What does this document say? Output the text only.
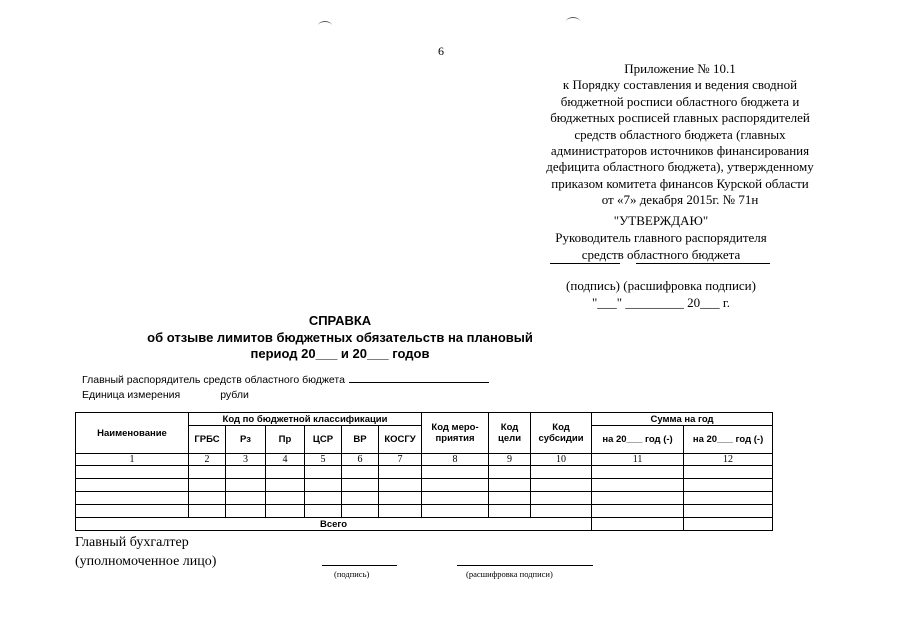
6
Приложение № 10.1
к Порядку составления и ведения сводной
бюджетной росписи областного бюджета и
бюджетных росписей главных распорядителей
средств областного бюджета (главных
администраторов источников финансирования
дефицита областного бюджета), утвержденному
приказом комитета финансов Курской области
от «7» декабря 2015г. № 71н
"УТВЕРЖДАЮ"
Руководитель главного распорядителя
средств областного бюджета
(подпись) (расшифровка подписи)
"___" _________ 20___ г.
СПРАВКА
об отзыве лимитов бюджетных обязательств на плановый
период 20___ и 20___ годов
Главный распорядитель средств областного бюджета
Единица измерения	рубли
Наименование	Код по бюджетной классификации						Код меро-приятия	Код цели	Код субсидии	Сумма на год	
	ГРБС	Рз	Пр	ЦСР	ВР	КОСГУ				на 20___ год (-)	на 20___ год (-)
1	2	3	4	5	6	7	8	9	10	11	12

Всего											
Главный бухгалтер
(уполномоченное лицо)
(подпись)	(расшифровка подписи)
